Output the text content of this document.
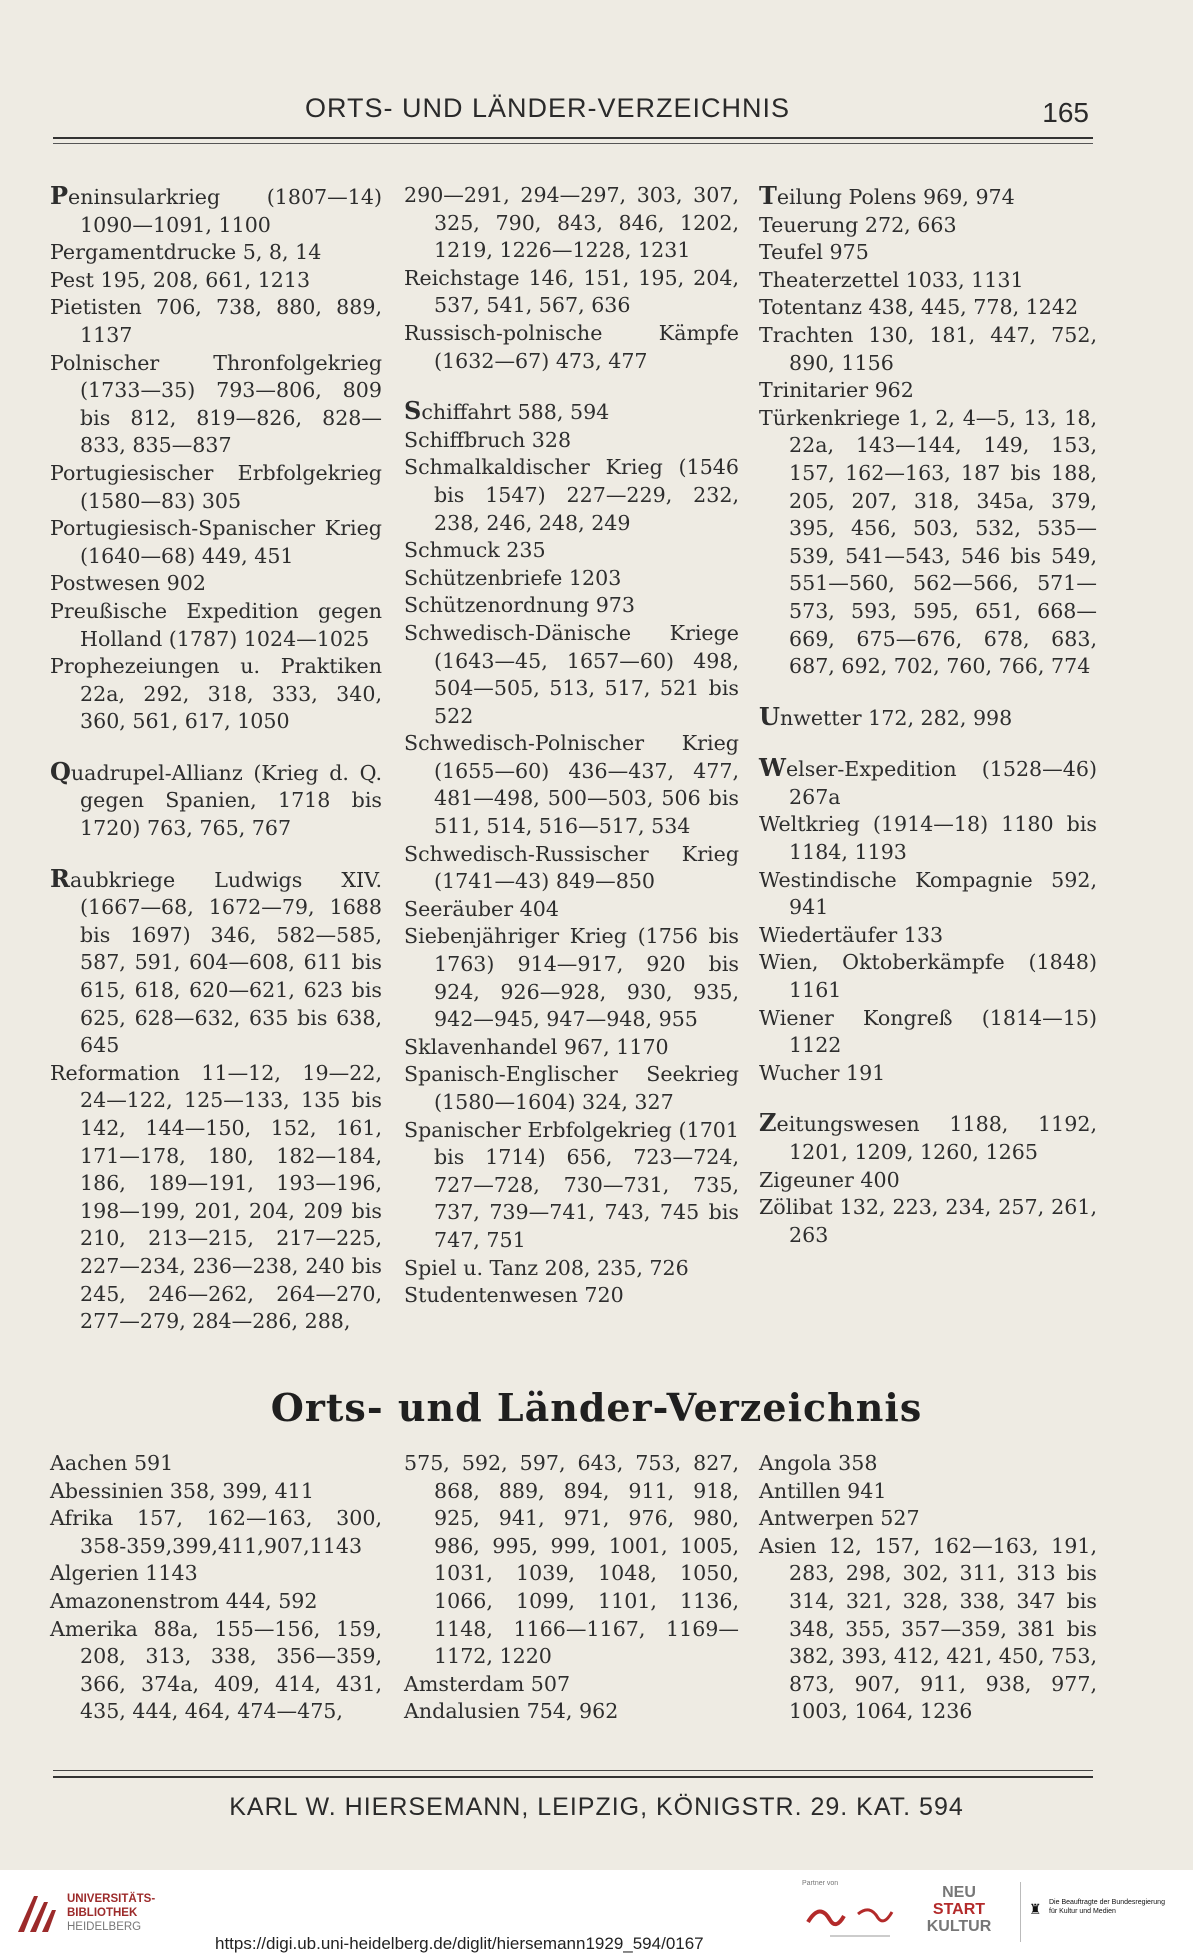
ORTS- UND LÄNDER-VERZEICHNIS	165
Peninsularkrieg (1807—14) 1090—1091, 1100
Pergamentdrucke 5, 8, 14
Pest 195, 208, 661, 1213
Pietisten 706, 738, 880, 889, 1137
Polnischer Thronfolgekrieg (1733—35) 793—806, 809 bis 812, 819—826, 828—833, 835—837
Portugiesischer Erbfolgekrieg (1580—83) 305
Portugiesisch-Spanischer Krieg (1640—68) 449, 451
Postwesen 902
Preußische Expedition gegen Holland (1787) 1024—1025
Prophezeiungen u. Praktiken 22a, 292, 318, 333, 340, 360, 561, 617, 1050
Quadrupel-Allianz (Krieg d. Q. gegen Spanien, 1718 bis 1720) 763, 765, 767
Raubkriege Ludwigs XIV. (1667—68, 1672—79, 1688 bis 1697) 346, 582—585, 587, 591, 604—608, 611 bis 615, 618, 620—621, 623 bis 625, 628—632, 635 bis 638, 645
Reformation 11—12, 19—22, 24—122, 125—133, 135 bis 142, 144—150, 152, 161, 171—178, 180, 182—184, 186, 189—191, 193—196, 198—199, 201, 204, 209 bis 210, 213—215, 217—225, 227—234, 236—238, 240 bis 245, 246—262, 264—270, 277—279, 284—286, 288,
290—291, 294—297, 303, 307, 325, 790, 843, 846, 1202, 1219, 1226—1228, 1231
Reichstage 146, 151, 195, 204, 537, 541, 567, 636
Russisch-polnische Kämpfe (1632—67) 473, 477
Schiffahrt 588, 594
Schiffbruch 328
Schmalkaldischer Krieg (1546 bis 1547) 227—229, 232, 238, 246, 248, 249
Schmuck 235
Schützenbriefe 1203
Schützenordnung 973
Schwedisch-Dänische Kriege (1643—45, 1657—60) 498, 504—505, 513, 517, 521 bis 522
Schwedisch-Polnischer Krieg (1655—60) 436—437, 477, 481—498, 500—503, 506 bis 511, 514, 516—517, 534
Schwedisch-Russischer Krieg (1741—43) 849—850
Seeräuber 404
Siebenjähriger Krieg (1756 bis 1763) 914—917, 920 bis 924, 926—928, 930, 935, 942—945, 947—948, 955
Sklavenhandel 967, 1170
Spanisch-Englischer Seekrieg (1580—1604) 324, 327
Spanischer Erbfolgekrieg (1701 bis 1714) 656, 723—724, 727—728, 730—731, 735, 737, 739—741, 743, 745 bis 747, 751
Spiel u. Tanz 208, 235, 726
Studentenwesen 720
Teilung Polens 969, 974
Teuerung 272, 663
Teufel 975
Theaterzettel 1033, 1131
Totentanz 438, 445, 778, 1242
Trachten 130, 181, 447, 752, 890, 1156
Trinitarier 962
Türkenkriege 1, 2, 4—5, 13, 18, 22a, 143—144, 149, 153, 157, 162—163, 187 bis 188, 205, 207, 318, 345a, 379, 395, 456, 503, 532, 535—539, 541—543, 546 bis 549, 551—560, 562—566, 571—573, 593, 595, 651, 668—669, 675—676, 678, 683, 687, 692, 702, 760, 766, 774
Unwetter 172, 282, 998
Welser-Expedition (1528—46) 267a
Weltkrieg (1914—18) 1180 bis 1184, 1193
Westindische Kompagnie 592, 941
Wiedertäufer 133
Wien, Oktoberkämpfe (1848) 1161
Wiener Kongreß (1814—15) 1122
Wucher 191
Zeitungswesen 1188, 1192, 1201, 1209, 1260, 1265
Zigeuner 400
Zölibat 132, 223, 234, 257, 261, 263
Orts- und Länder-Verzeichnis
Aachen 591
Abessinien 358, 399, 411
Afrika 157, 162—163, 300, 358-359,399,411,907,1143
Algerien 1143
Amazonenstrom 444, 592
Amerika 88a, 155—156, 159, 208, 313, 338, 356—359, 366, 374a, 409, 414, 431, 435, 444, 464, 474—475,
575, 592, 597, 643, 753, 827, 868, 889, 894, 911, 918, 925, 941, 971, 976, 980, 986, 995, 999, 1001, 1005, 1031, 1039, 1048, 1050, 1066, 1099, 1101, 1136, 1148, 1166—1167, 1169—1172, 1220
Amsterdam 507
Andalusien 754, 962
Angola 358
Antillen 941
Antwerpen 527
Asien 12, 157, 162—163, 191, 283, 298, 302, 311, 313 bis 314, 321, 328, 338, 347 bis 348, 355, 357—359, 381 bis 382, 393, 412, 421, 450, 753, 873, 907, 911, 938, 977, 1003, 1064, 1236
KARL W. HIERSEMANN, LEIPZIG, KÖNIGSTR. 29. KAT. 594
UNIVERSITÄTS-
BIBLIOTHEK
HEIDELBERG
https://digi.ub.uni-heidelberg.de/diglit/hiersemann1929_594/0167
Partner von
NEU
START
KULTUR
♜ Die Beauftragte der Bundesregierung
für Kultur und Medien
